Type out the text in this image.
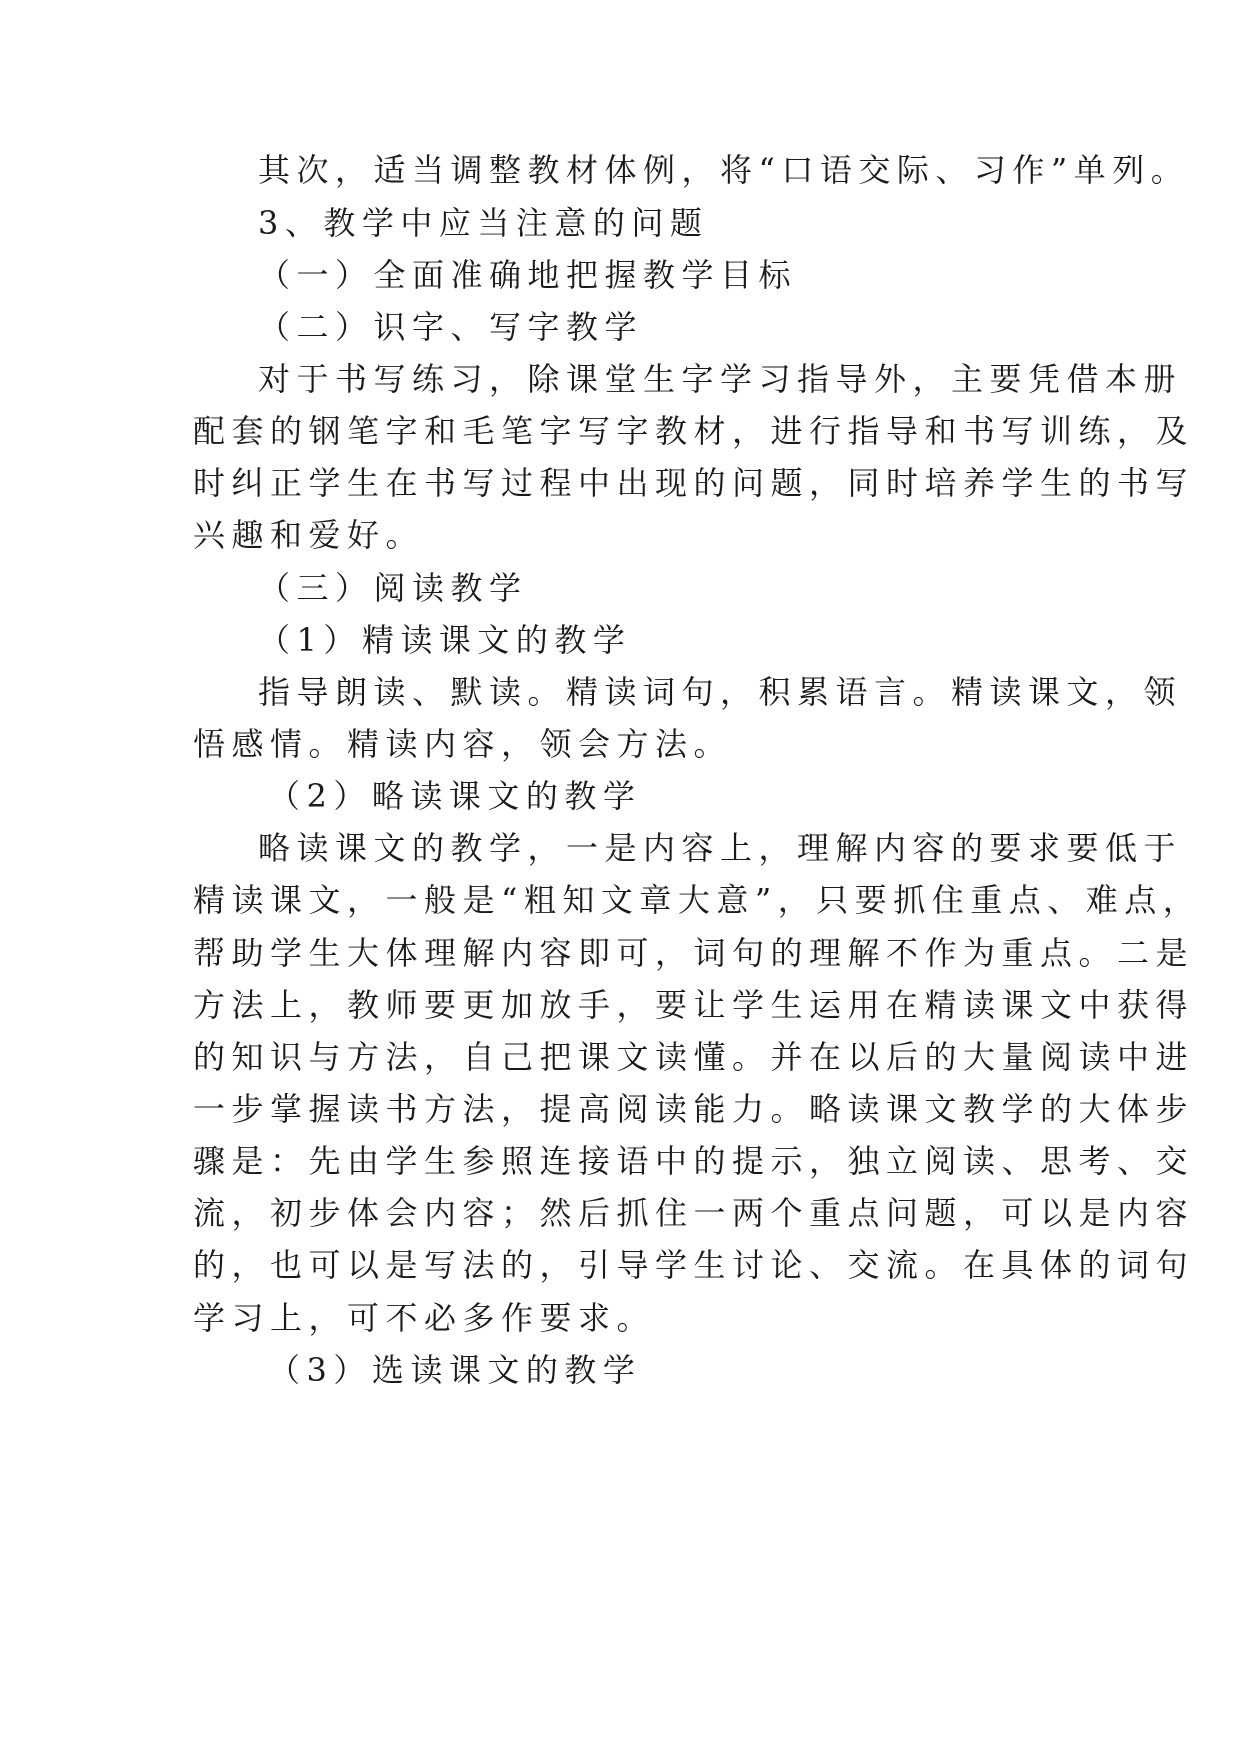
其次，适当调整教材体例，将“口语交际、习作”单列。
3、教学中应当注意的问题
（一）全面准确地把握教学目标
（二）识字、写字教学
对于书写练习，除课堂生字学习指导外，主要凭借本册
配套的钢笔字和毛笔字写字教材，进行指导和书写训练，及
时纠正学生在书写过程中出现的问题，同时培养学生的书写
兴趣和爱好。
（三）阅读教学
（1）精读课文的教学
指导朗读、默读。精读词句，积累语言。精读课文，领
悟感情。精读内容，领会方法。
（2）略读课文的教学
略读课文的教学，一是内容上，理解内容的要求要低于
精读课文，一般是“粗知文章大意”，只要抓住重点、难点，
帮助学生大体理解内容即可，词句的理解不作为重点。二是
方法上，教师要更加放手，要让学生运用在精读课文中获得
的知识与方法，自己把课文读懂。并在以后的大量阅读中进
一步掌握读书方法，提高阅读能力。略读课文教学的大体步
骤是：先由学生参照连接语中的提示，独立阅读、思考、交
流，初步体会内容；然后抓住一两个重点问题，可以是内容
的，也可以是写法的，引导学生讨论、交流。在具体的词句
学习上，可不必多作要求。
（3）选读课文的教学
